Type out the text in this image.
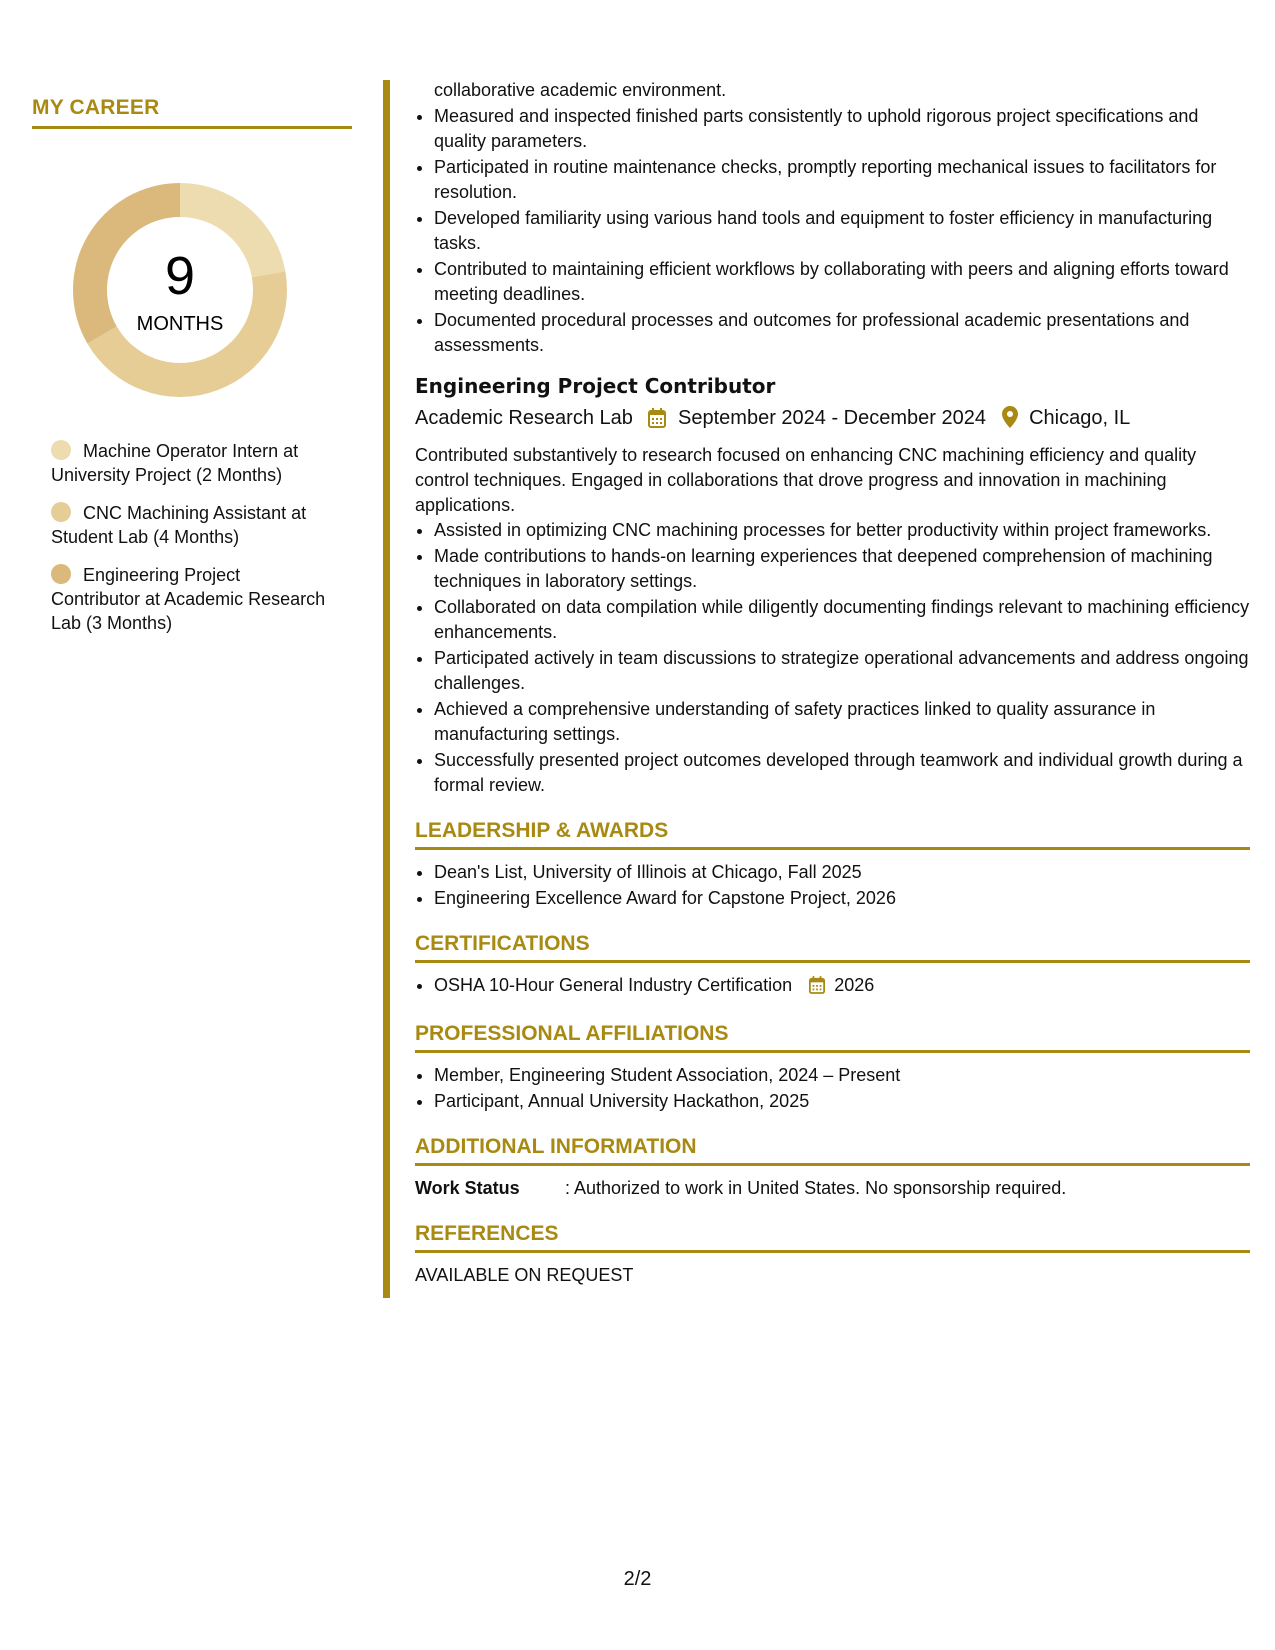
MY CAREER
9
MONTHS
Machine Operator Intern at University Project (2 Months)
CNC Machining Assistant at Student Lab (4 Months)
Engineering Project Contributor at Academic Research Lab (3 Months)
collaborative academic environment.
• Measured and inspected finished parts consistently to uphold rigorous project specifications and quality parameters.
• Participated in routine maintenance checks, promptly reporting mechanical issues to facilitators for resolution.
• Developed familiarity using various hand tools and equipment to foster efficiency in manufacturing tasks.
• Contributed to maintaining efficient workflows by collaborating with peers and aligning efforts toward meeting deadlines.
• Documented procedural processes and outcomes for professional academic presentations and assessments.
Engineering Project Contributor
Academic Research Lab September 2024 - December 2024 Chicago, IL

Contributed substantively to research focused on enhancing CNC machining efficiency and quality control techniques. Engaged in collaborations that drove progress and innovation in machining applications.

• Assisted in optimizing CNC machining processes for better productivity within project frameworks.
• Made contributions to hands-on learning experiences that deepened comprehension of machining techniques in laboratory settings.
• Collaborated on data compilation while diligently documenting findings relevant to machining efficiency enhancements.
• Participated actively in team discussions to strategize operational advancements and address ongoing challenges.
• Achieved a comprehensive understanding of safety practices linked to quality assurance in manufacturing settings.
• Successfully presented project outcomes developed through teamwork and individual growth during a formal review.
LEADERSHIP & AWARDS
• Dean's List, University of Illinois at Chicago, Fall 2025
• Engineering Excellence Award for Capstone Project, 2026
CERTIFICATIONS
• OSHA 10-Hour General Industry Certification 2026
PROFESSIONAL AFFILIATIONS
• Member, Engineering Student Association, 2024 – Present
• Participant, Annual University Hackathon, 2025
ADDITIONAL INFORMATION
Work Status	: Authorized to work in United States. No sponsorship required.
REFERENCES
AVAILABLE ON REQUEST
2/2
